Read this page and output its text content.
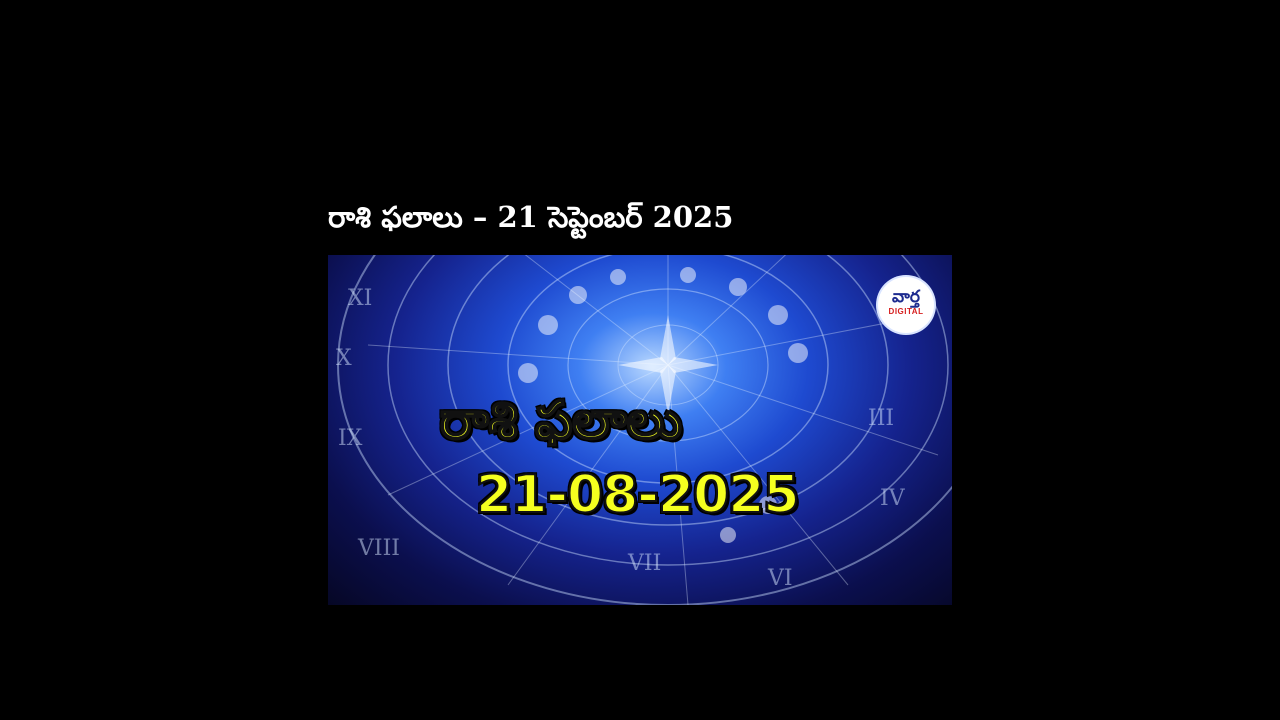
రాశి ఫలాలు – 21 సెప్టెంబర్ 2025
XI
X
IX
VIII
III
IV
VI
VII
వార్త
DIGITAL

రాశి ఫలాలు

21-08-2025
